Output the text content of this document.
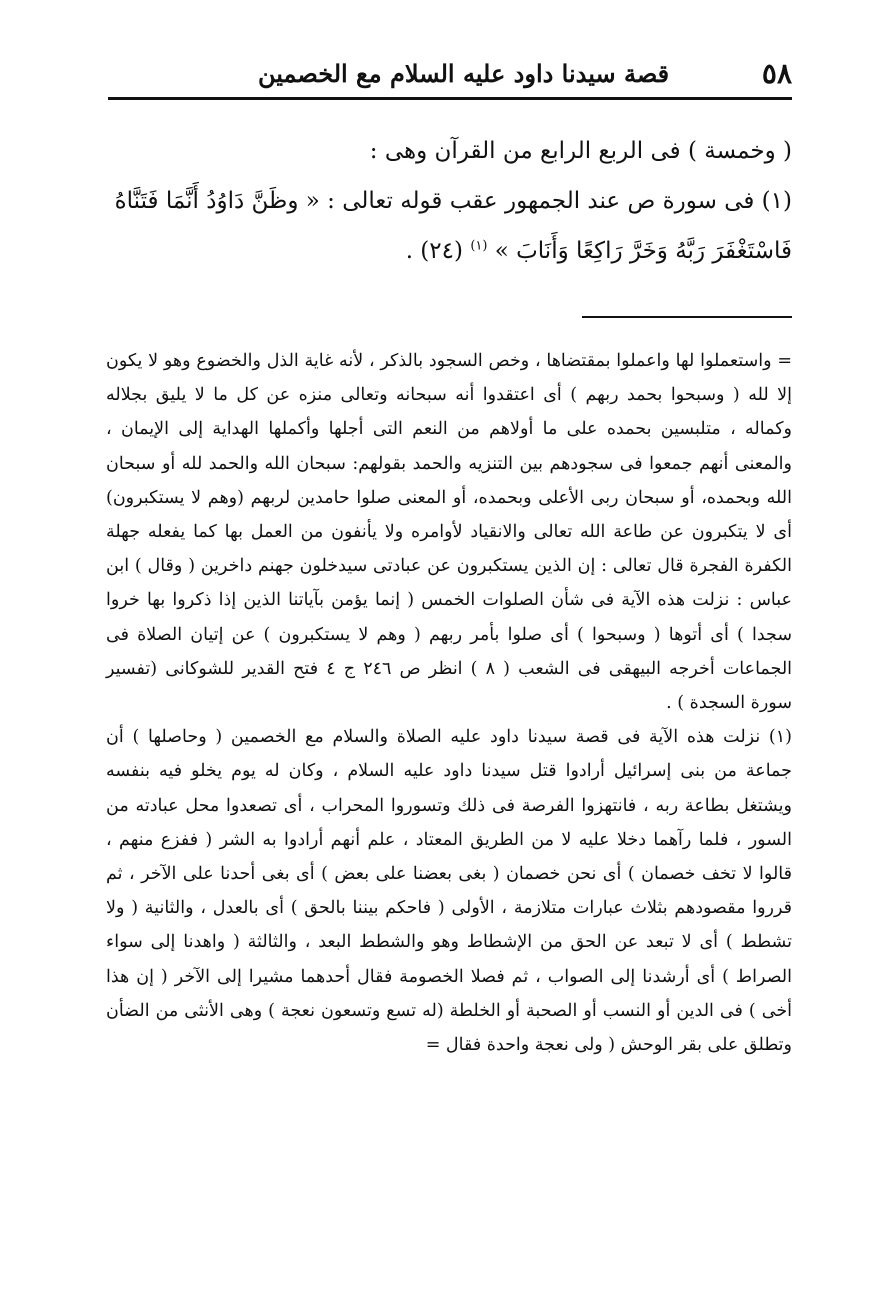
٥٨
قصة سيدنا داود عليه السلام مع الخصمين

( وخمسة ) فى الربع الرابع من القرآن وهى :

(١) فى سورة ص عند الجمهور عقب قوله تعالى : « وظَنَّ دَاوُدُ أَنَّمَا فَتَنَّاهُ

فَاسْتَغْفَرَ رَبَّهُ وَخَرَّ رَاكِعًا وَأَنَابَ » $^{(١)}$ (٢٤) .

= واستعملوا لها واعملوا بمقتضاها ، وخص السجود بالذكر ، لأنه غاية الذل والخضوع وهو لا يكون إلا لله ( وسبحوا بحمد ربهم ) أى اعتقدوا أنه سبحانه وتعالى منزه عن كل ما لا يليق بجلاله وكماله ، متلبسين بحمده على ما أولاهم من النعم التى أجلها وأكملها الهداية إلى الإيمان ، والمعنى أنهم جمعوا فى سجودهم بين التنزيه والحمد بقولهم: سبحان الله والحمد لله أو سبحان الله وبحمده، أو سبحان ربى الأعلى وبحمده، أو المعنى صلوا حامدين لربهم (وهم لا يستكبرون) أى لا يتكبرون عن طاعة الله تعالى والانقياد لأوامره ولا يأنفون من العمل بها كما يفعله جهلة الكفرة الفجرة قال تعالى : إن الذين يستكبرون عن عبادتى سيدخلون جهنم داخرين ( وقال ) ابن عباس : نزلت هذه الآية فى شأن الصلوات الخمس ( إنما يؤمن بآياتنا الذين إذا ذكروا بها خروا سجدا ) أى أتوها ( وسبحوا ) أى صلوا بأمر ربهم ( وهم لا يستكبرون ) عن إتيان الصلاة فى الجماعات أخرجه البيهقى فى الشعب ( ٨ ) انظر ص ٢٤٦ ج ٤ فتح القدير للشوكانى (تفسير سورة السجدة ) .

(١) نزلت هذه الآية فى قصة سيدنا داود عليه الصلاة والسلام مع الخصمين ( وحاصلها ) أن جماعة من بنى إسرائيل أرادوا قتل سيدنا داود عليه السلام ، وكان له يوم يخلو فيه بنفسه ويشتغل بطاعة ربه ، فانتهزوا الفرصة فى ذلك وتسوروا المحراب ، أى تصعدوا محل عبادته من السور ، فلما رآهما دخلا عليه لا من الطريق المعتاد ، علم أنهم أرادوا به الشر ( ففزع منهم ، قالوا لا تخف خصمان ) أى نحن خصمان ( بغى بعضنا على بعض ) أى بغى أحدنا على الآخر ، ثم قرروا مقصودهم بثلاث عبارات متلازمة ، الأولى ( فاحكم بيننا بالحق ) أى بالعدل ، والثانية ( ولا تشطط ) أى لا تبعد عن الحق من الإشطاط وهو والشطط البعد ، والثالثة ( واهدنا إلى سواء الصراط ) أى أرشدنا إلى الصواب ، ثم فصلا الخصومة فقال أحدهما مشيرا إلى الآخر ( إن هذا أخى ) فى الدين أو النسب أو الصحبة أو الخلطة (له تسع وتسعون نعجة ) وهى الأنثى من الضأن وتطلق على بقر الوحش ( ولى نعجة واحدة فقال =
